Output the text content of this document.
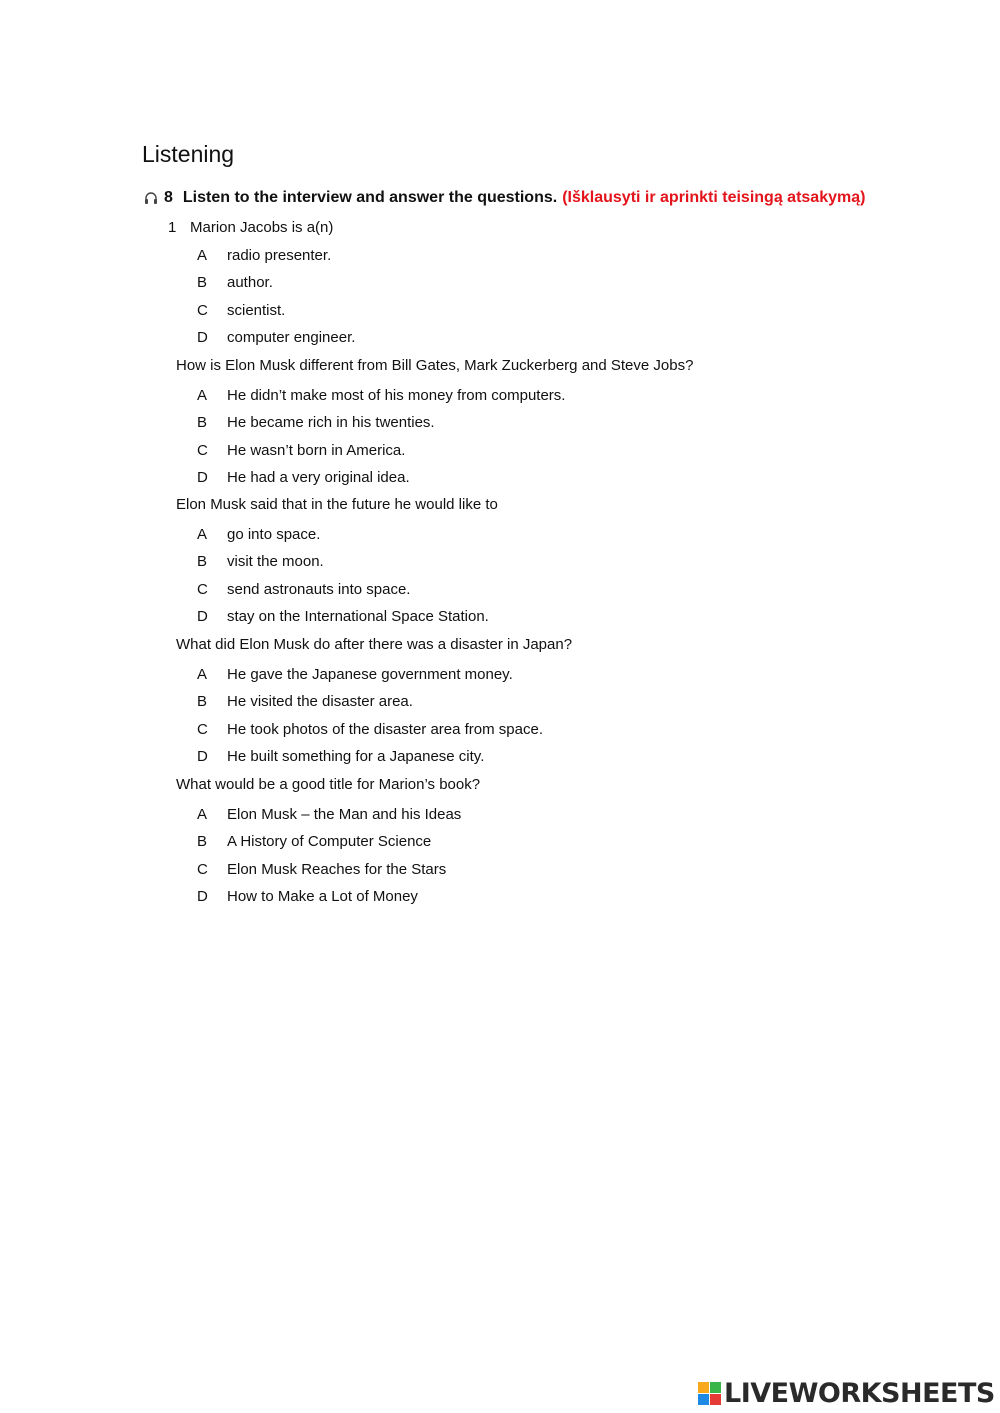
Listening
8 Listen to the interview and answer the questions. (Išklausyti ir aprinkti teisingą atsakymą)
1 Marion Jacobs is a(n)
A radio presenter.
B author.
C scientist.
D computer engineer.
How is Elon Musk different from Bill Gates, Mark Zuckerberg and Steve Jobs?
A He didn’t make most of his money from computers.
B He became rich in his twenties.
C He wasn’t born in America.
D He had a very original idea.
Elon Musk said that in the future he would like to
A go into space.
B visit the moon.
C send astronauts into space.
D stay on the International Space Station.
What did Elon Musk do after there was a disaster in Japan?
A He gave the Japanese government money.
B He visited the disaster area.
C He took photos of the disaster area from space.
D He built something for a Japanese city.
What would be a good title for Marion’s book?
A Elon Musk – the Man and his Ideas
B A History of Computer Science
C Elon Musk Reaches for the Stars
D How to Make a Lot of Money
LIVEWORKSHEETS
